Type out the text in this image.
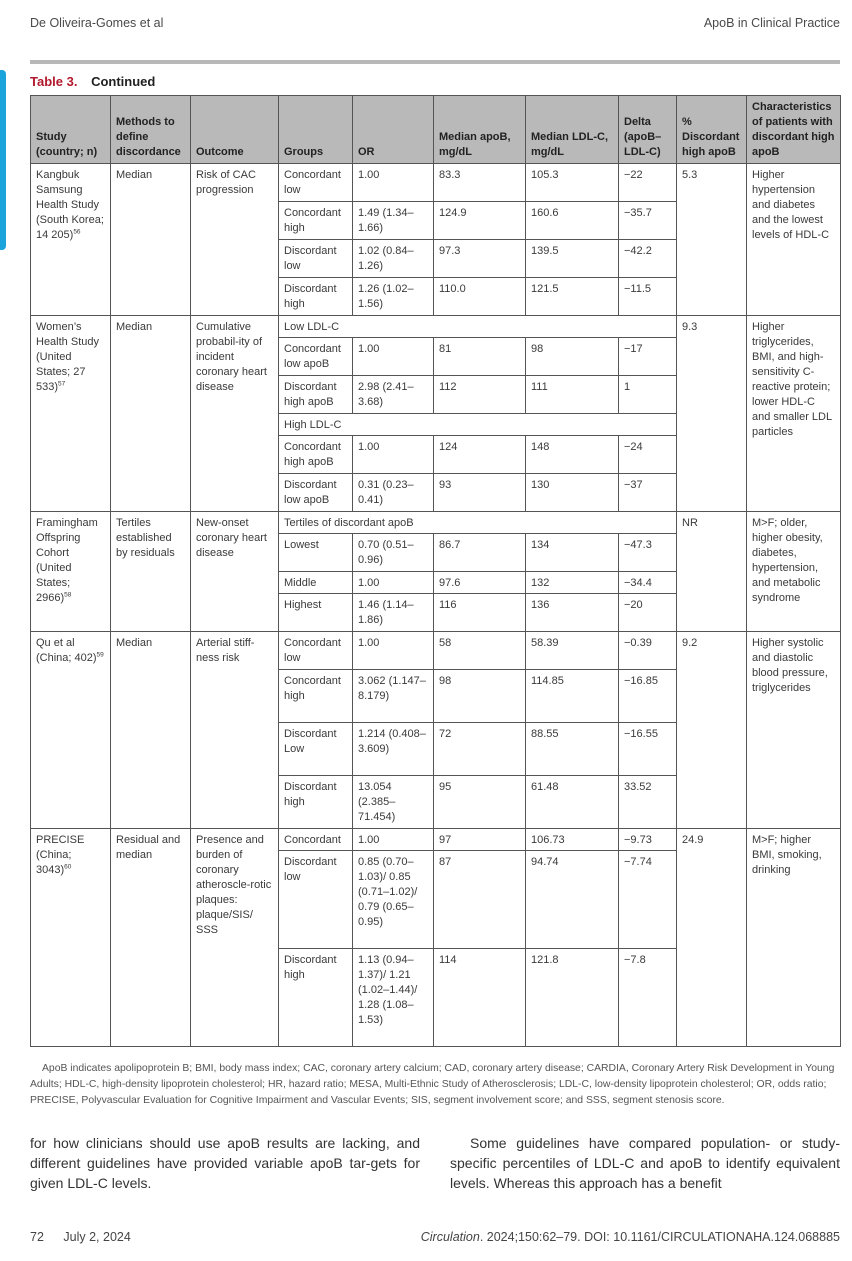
De Oliveira-Gomes et al	ApoB in Clinical Practice
Table 3. Continued
Study (country; n)	Methods to define discordance	Outcome	Groups	OR	Median apoB, mg/dL	Median LDL-C, mg/dL	Delta (apoB–LDL-C)	% Discordant high apoB	Characteristics of patients with discordant high apoB
Kangbuk Samsung Health Study (South Korea; 14 205)$^{56}$	Median	Risk of CAC progression	Concordant low	1.00	83.3	105.3	−22	5.3	Higher hypertension and diabetes and the lowest levels of HDL-C
			Concordant high	1.49 (1.34–1.66)	124.9	160.6	−35.7		
			Discordant low	1.02 (0.84–1.26)	97.3	139.5	−42.2		
			Discordant high	1.26 (1.02–1.56)	110.0	121.5	−11.5		
Women’s Health Study (United States; 27 533)$^{57}$	Median	Cumulative probabil-ity of incident coronary heart disease	Low LDL-C					9.3	Higher triglycerides, BMI, and high-sensitivity C-reactive protein; lower HDL-C and smaller LDL particles
			Concordant low apoB	1.00	81	98	−17		
			Discordant high apoB	2.98 (2.41–3.68)	112	111	1		
			High LDL-C						
			Concordant high apoB	1.00	124	148	−24		
			Discordant low apoB	0.31 (0.23–0.41)	93	130	−37		
Framingham Offspring Cohort (United States; 2966)$^{58}$	Tertiles established by residuals	New-onset coronary heart disease	Tertiles of discordant apoB					NR	M>F; older, higher obesity, diabetes, hypertension, and metabolic syndrome
			Lowest	0.70 (0.51–0.96)	86.7	134	−47.3		
			Middle	1.00	97.6	132	−34.4		
			Highest	1.46 (1.14–1.86)	116	136	−20		
Qu et al (China; 402)$^{59}$	Median	Arterial stiff-ness risk	Concordant low	1.00	58	58.39	−0.39	9.2	Higher systolic and diastolic blood pressure, triglycerides
			Concordant high	3.062 (1.147– 8.179)	98	114.85	−16.85		
			Discordant Low	1.214 (0.408– 3.609)	72	88.55	−16.55		
			Discordant high	13.054 (2.385– 71.454)	95	61.48	33.52		
PRECISE (China; 3043)$^{60}$	Residual and median	Presence and burden of coronary atheroscle-rotic plaques: plaque/SIS/ SSS	Concordant	1.00	97	106.73	−9.73	24.9	M>F; higher BMI, smoking, drinking
			Discordant low	0.85 (0.70–1.03)/ 0.85 (0.71–1.02)/ 0.79 (0.65–0.95)	87	94.74	−7.74		
			Discordant high	1.13 (0.94–1.37)/ 1.21 (1.02–1.44)/ 1.28 (1.08–1.53)	114	121.8	−7.8		
ApoB indicates apolipoprotein B; BMI, body mass index; CAC, coronary artery calcium; CAD, coronary artery disease; CARDIA, Coronary Artery Risk Development in Young Adults; HDL-C, high-density lipoprotein cholesterol; HR, hazard ratio; MESA, Multi-Ethnic Study of Atherosclerosis; LDL-C, low-density lipoprotein cholesterol; OR, odds ratio; PRECISE, Polyvascular Evaluation for Cognitive Impairment and Vascular Events; SIS, segment involvement score; and SSS, segment stenosis score.
for how clinicians should use apoB results are lacking, and different guidelines have provided variable apoB tar-gets for given LDL-C levels.
Some guidelines have compared population- or study-specific percentiles of LDL-C and apoB to identify equivalent levels. Whereas this approach has a benefit
72 July 2, 2024	Circulation. 2024;150:62–79. DOI: 10.1161/CIRCULATIONAHA.124.068885
